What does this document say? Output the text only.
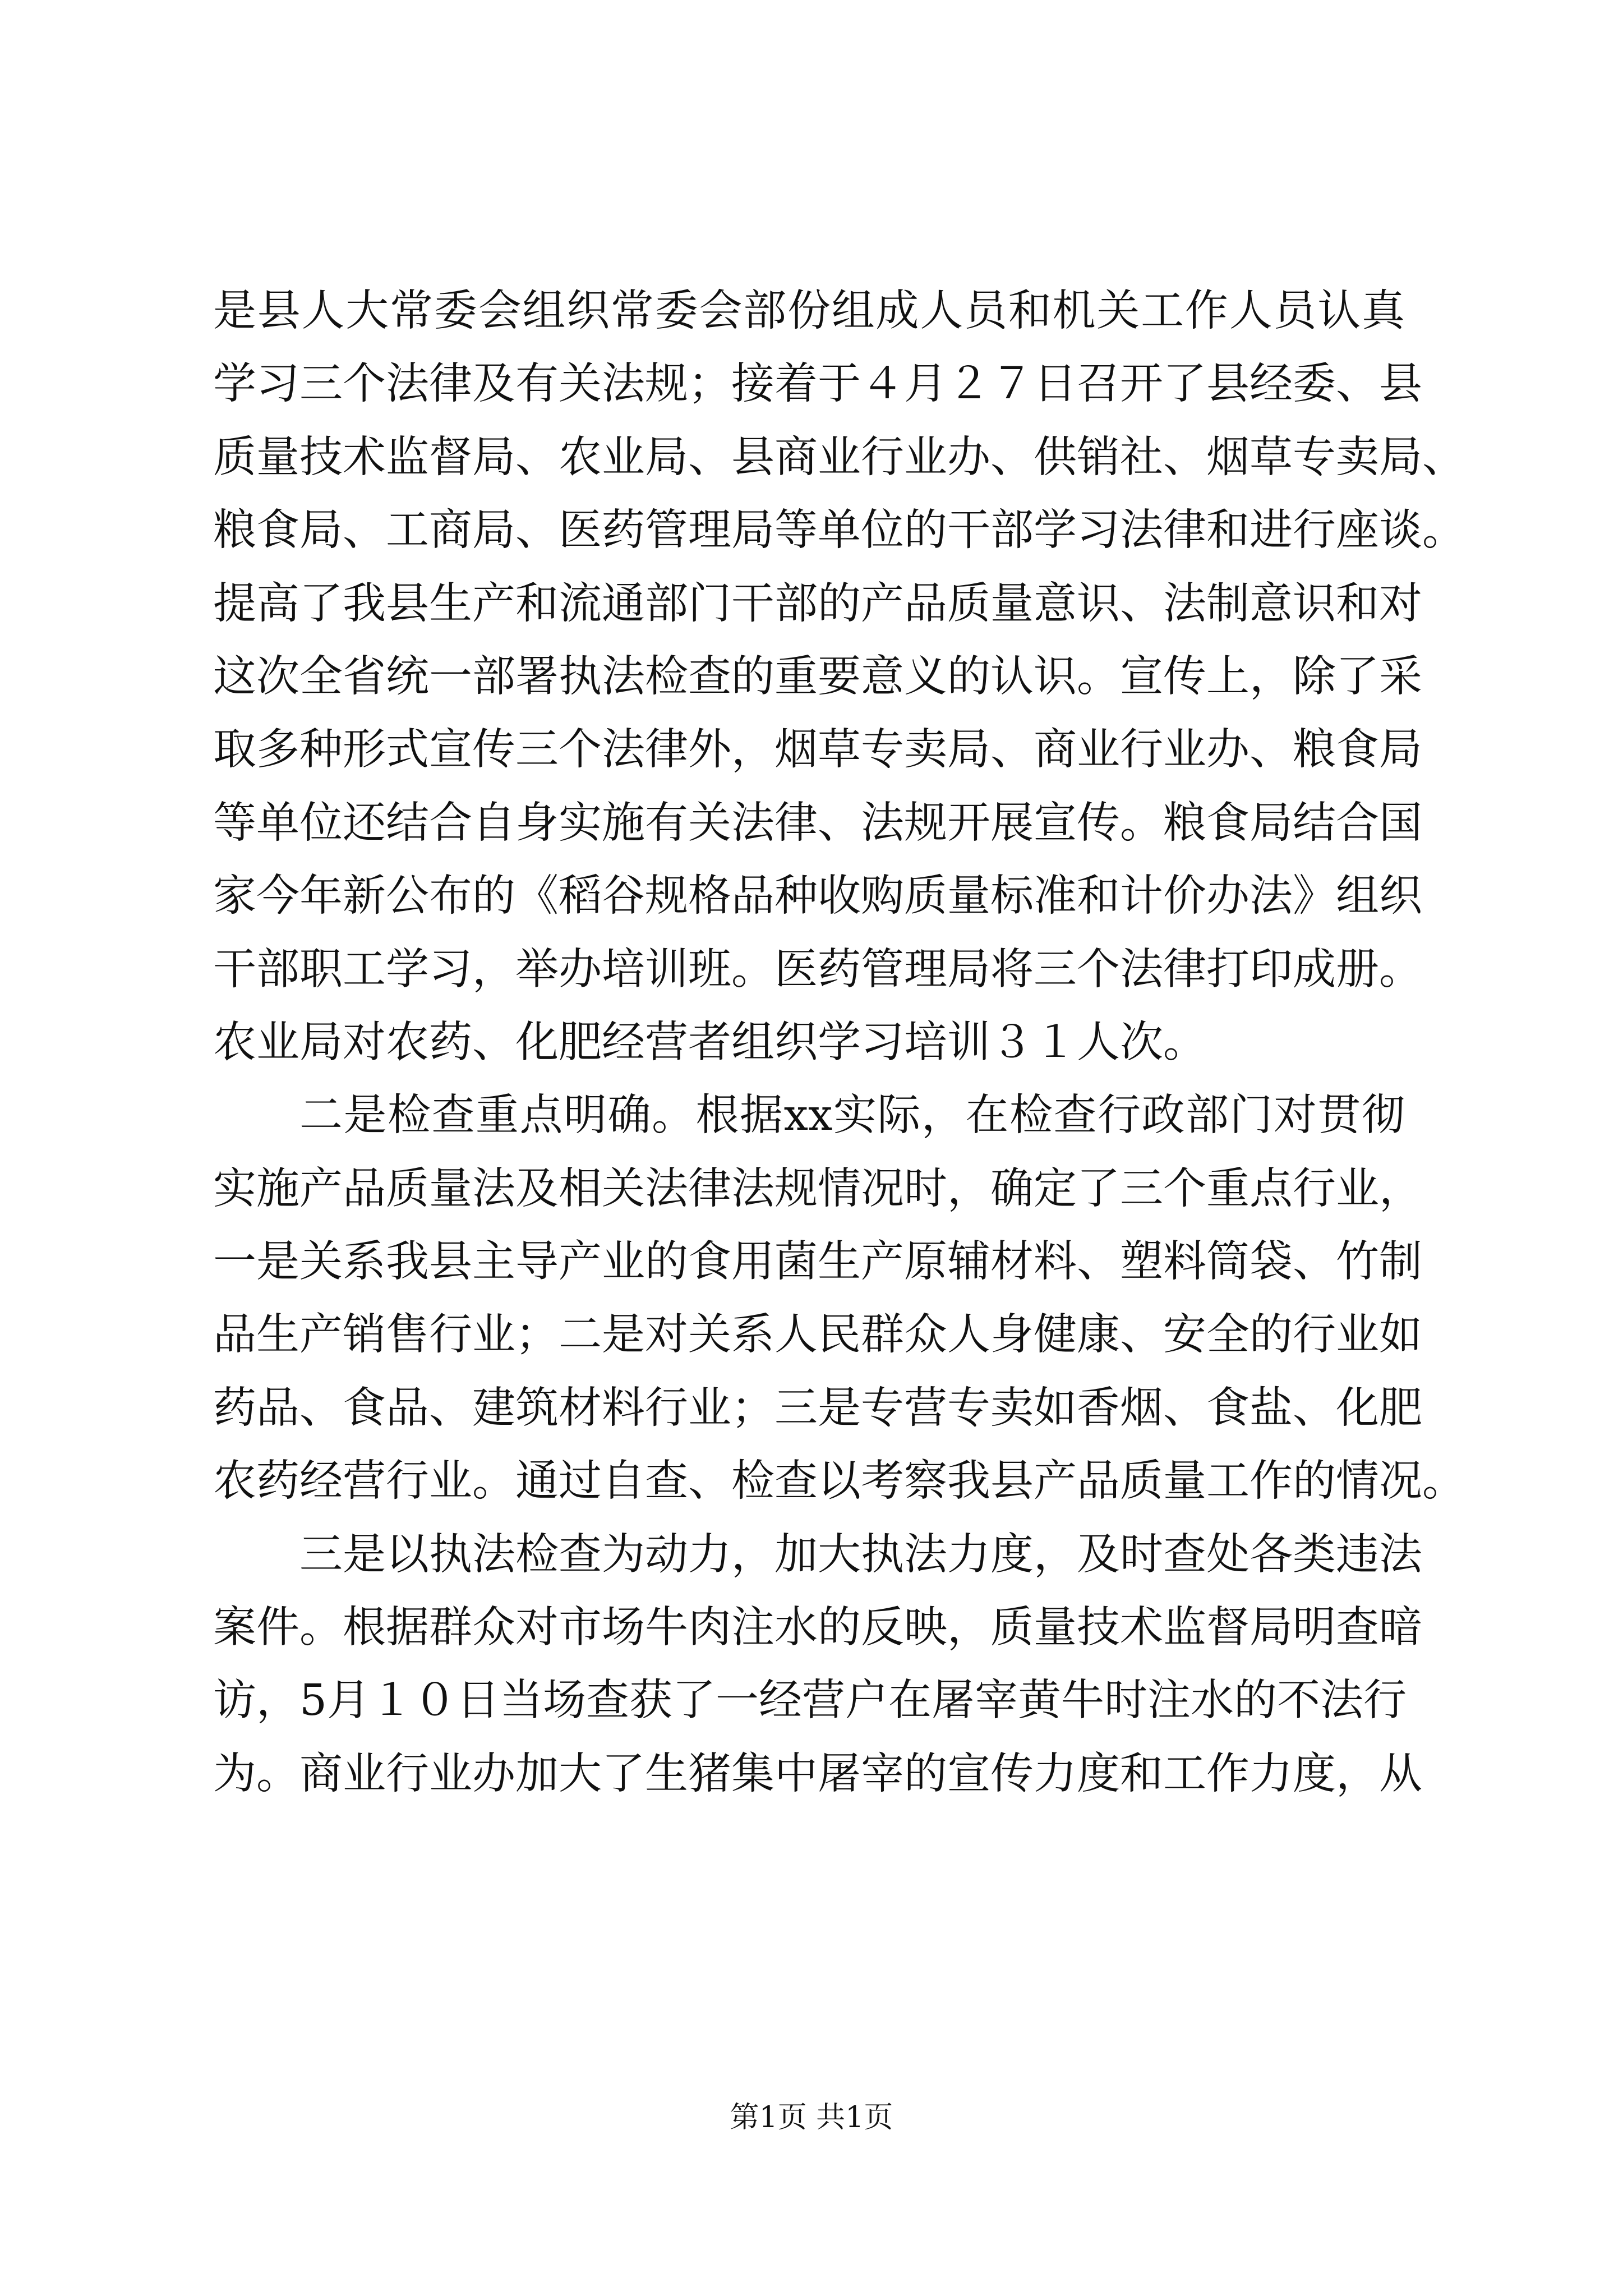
是县人大常委会组织常委会部份组成人员和机关工作人员认真
学习三个法律及有关法规；接着于４月２７日召开了县经委、县
质量技术监督局、农业局、县商业行业办、供销社、烟草专卖局、
粮食局、工商局、医药管理局等单位的干部学习法律和进行座谈。
提高了我县生产和流通部门干部的产品质量意识、法制意识和对
这次全省统一部署执法检查的重要意义的认识。宣传上，除了采
取多种形式宣传三个法律外，烟草专卖局、商业行业办、粮食局
等单位还结合自身实施有关法律、法规开展宣传。粮食局结合国
家今年新公布的《稻谷规格品种收购质量标准和计价办法》组织
干部职工学习，举办培训班。医药管理局将三个法律打印成册。
农业局对农药、化肥经营者组织学习培训３１人次。
二是检查重点明确。根据xx实际，在检查行政部门对贯彻
实施产品质量法及相关法律法规情况时，确定了三个重点行业，
一是关系我县主导产业的食用菌生产原辅材料、塑料筒袋、竹制
品生产销售行业；二是对关系人民群众人身健康、安全的行业如
药品、食品、建筑材料行业；三是专营专卖如香烟、食盐、化肥
农药经营行业。通过自查、检查以考察我县产品质量工作的情况。
三是以执法检查为动力，加大执法力度，及时查处各类违法
案件。根据群众对市场牛肉注水的反映，质量技术监督局明查暗
访，5月１０日当场查获了一经营户在屠宰黄牛时注水的不法行
为。商业行业办加大了生猪集中屠宰的宣传力度和工作力度，从
第1页 共1页
